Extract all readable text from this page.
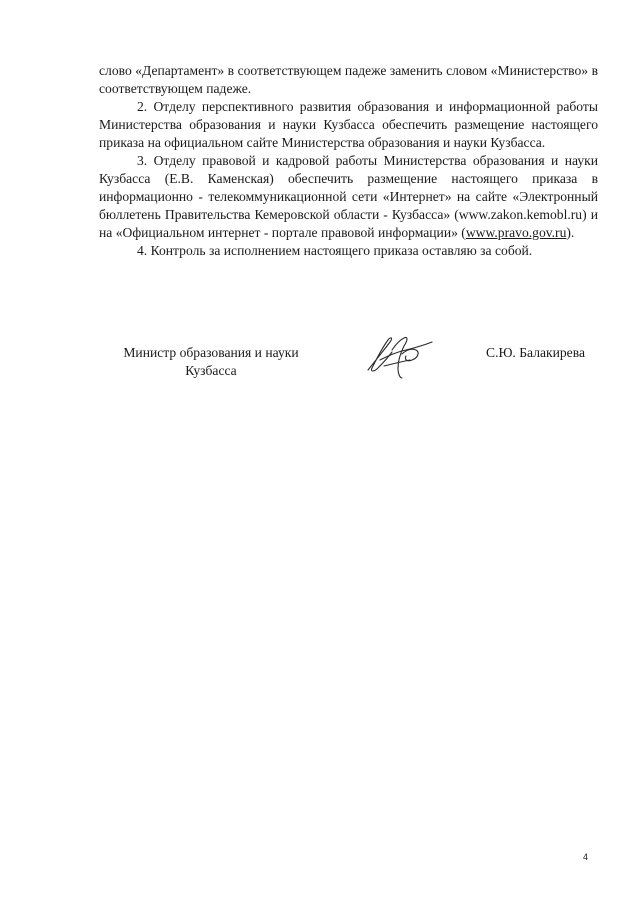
слово «Департамент» в соответствующем падеже заменить словом «Министерство» в соответствующем падеже.

2. Отделу перспективного развития образования и информационной работы Министерства образования и науки Кузбасса обеспечить размещение настоящего приказа на официальном сайте Министерства образования и науки Кузбасса.

3. Отделу правовой и кадровой работы Министерства образования и науки Кузбасса (Е.В. Каменская) обеспечить размещение настоящего приказа в информационно - телекоммуникационной сети «Интернет» на сайте «Электронный бюллетень Правительства Кемеровской области - Кузбасса» (www.zakon.kemobl.ru) и на «Официальном интернет - портале правовой информации» (www.pravo.gov.ru).

4. Контроль за исполнением настоящего приказа оставляю за собой.

Министр образования и науки
Кузбасса
С.Ю. Балакирева
4
